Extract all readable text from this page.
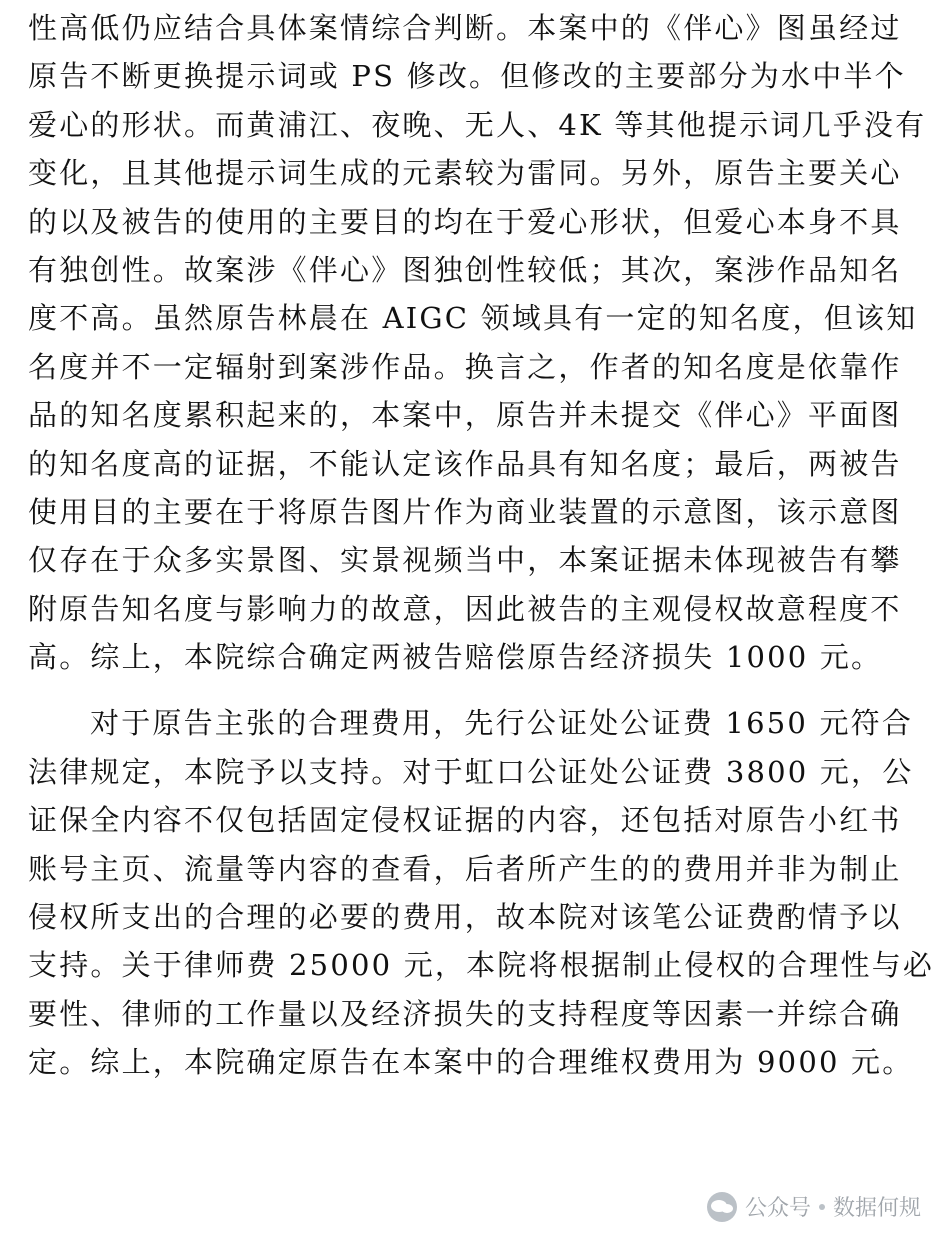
性高低仍应结合具体案情综合判断。本案中的《伴心》图虽经过
原告不断更换提示词或 PS 修改。但修改的主要部分为水中半个
爱心的形状。而黄浦江、夜晚、无人、4K 等其他提示词几乎没有
变化，且其他提示词生成的元素较为雷同。另外，原告主要关心
的以及被告的使用的主要目的均在于爱心形状，但爱心本身不具
有独创性。故案涉《伴心》图独创性较低；其次，案涉作品知名
度不高。虽然原告林晨在 AIGC 领域具有一定的知名度，但该知
名度并不一定辐射到案涉作品。换言之，作者的知名度是依靠作
品的知名度累积起来的，本案中，原告并未提交《伴心》平面图
的知名度高的证据，不能认定该作品具有知名度；最后，两被告
使用目的主要在于将原告图片作为商业装置的示意图，该示意图
仅存在于众多实景图、实景视频当中，本案证据未体现被告有攀
附原告知名度与影响力的故意，因此被告的主观侵权故意程度不
高。综上，本院综合确定两被告赔偿原告经济损失 1000 元。
对于原告主张的合理费用，先行公证处公证费 1650 元符合
法律规定，本院予以支持。对于虹口公证处公证费 3800 元，公
证保全内容不仅包括固定侵权证据的内容，还包括对原告小红书
账号主页、流量等内容的查看，后者所产生的的费用并非为制止
侵权所支出的合理的必要的费用，故本院对该笔公证费酌情予以
支持。关于律师费 25000 元，本院将根据制止侵权的合理性与必
要性、律师的工作量以及经济损失的支持程度等因素一并综合确
定。综上，本院确定原告在本案中的合理维权费用为 9000 元。
公众号 数据何规
